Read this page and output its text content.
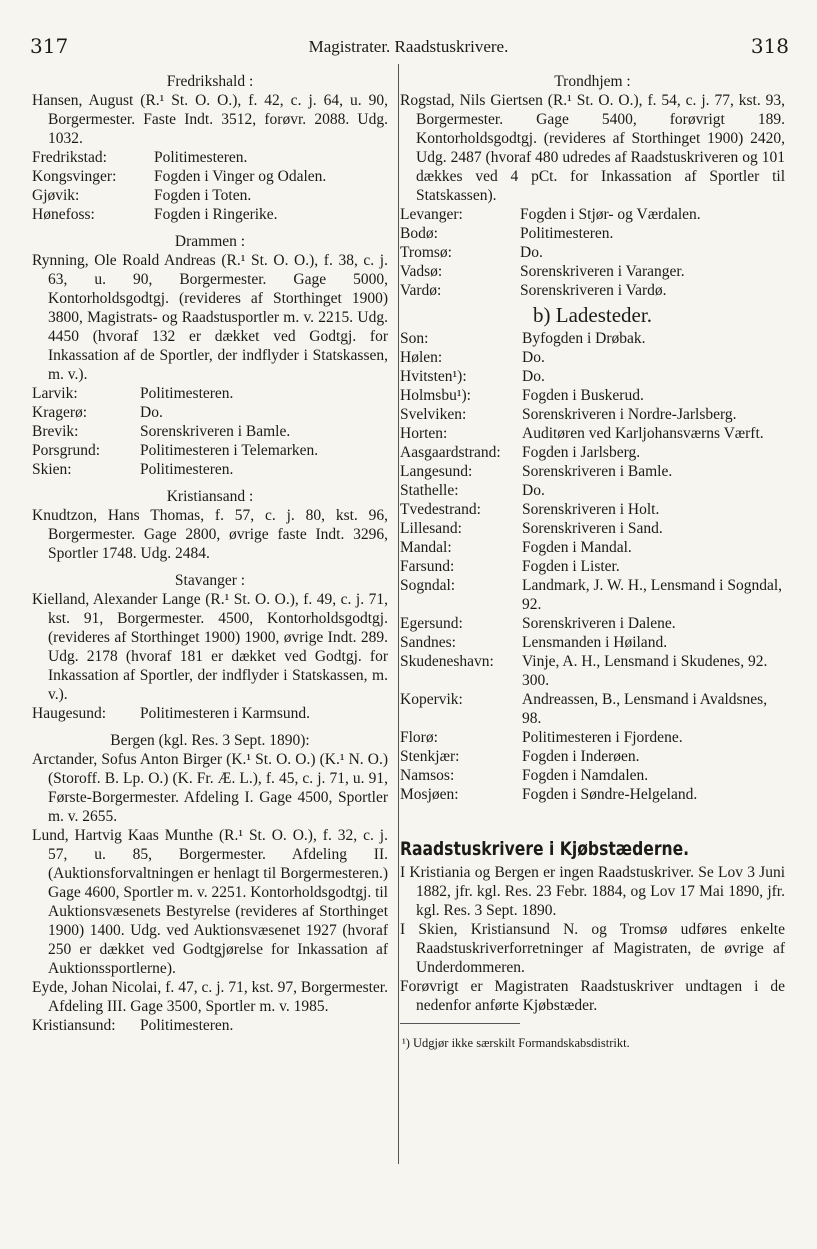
317	Magistrater. Raadstuskrivere.	318
Fredrikshald :

Hansen, August (R.¹ St. O. O.), f. 42, c. j. 64, u. 90, Borgermester. Faste Indt. 3512, forøvr. 2088. Udg. 1032.

Fredrikstad:	Politimesteren.
Kongsvinger:	Fogden i Vinger og Odalen.
Gjøvik:	Fogden i Toten.
Hønefoss:	Fogden i Ringerike.
Drammen :

Rynning, Ole Roald Andreas (R.¹ St. O. O.), f. 38, c. j. 63, u. 90, Borgermester. Gage 5000, Kontorholdsgodtgj. (revideres af Storthinget 1900) 3800, Magistrats- og Raadstusportler m. v. 2215. Udg. 4450 (hvoraf 132 er dækket ved Godtgj. for Inkassation af de Sportler, der indflyder i Statskassen, m. v.).

Larvik:	Politimesteren.
Kragerø:	Do.
Brevik:	Sorenskriveren i Bamle.
Porsgrund:	Politimesteren i Telemarken.
Skien:	Politimesteren.
Kristiansand :

Knudtzon, Hans Thomas, f. 57, c. j. 80, kst. 96, Borgermester. Gage 2800, øvrige faste Indt. 3296, Sportler 1748. Udg. 2484.

Stavanger :

Kielland, Alexander Lange (R.¹ St. O. O.), f. 49, c. j. 71, kst. 91, Borgermester. 4500, Kontorholdsgodtgj. (revideres af Storthinget 1900) 1900, øvrige Indt. 289. Udg. 2178 (hvoraf 181 er dækket ved Godtgj. for Inkassation af Sportler, der indflyder i Statskassen, m. v.).

Haugesund:	Politimesteren i Karmsund.
Bergen (kgl. Res. 3 Sept. 1890):

Arctander, Sofus Anton Birger (K.¹ St. O. O.) (K.¹ N. O.) (Storoff. B. Lp. O.) (K. Fr. Æ. L.), f. 45, c. j. 71, u. 91, Første-Borgermester. Afdeling I. Gage 4500, Sportler m. v. 2655.

Lund, Hartvig Kaas Munthe (R.¹ St. O. O.), f. 32, c. j. 57, u. 85, Borgermester. Afdeling II. (Auktionsforvaltningen er henlagt til Borgermesteren.) Gage 4600, Sportler m. v. 2251. Kontorholdsgodtgj. til Auktionsvæsenets Bestyrelse (revideres af Storthinget 1900) 1400. Udg. ved Auktionsvæsenet 1927 (hvoraf 250 er dækket ved Godtgjørelse for Inkassation af Auktionssportlerne).

Eyde, Johan Nicolai, f. 47, c. j. 71, kst. 97, Borgermester. Afdeling III. Gage 3500, Sportler m. v. 1985.

Kristiansund:	Politimesteren.
Trondhjem :

Rogstad, Nils Giertsen (R.¹ St. O. O.), f. 54, c. j. 77, kst. 93, Borgermester. Gage 5400, forøvrigt 189. Kontorholdsgodtgj. (revideres af Storthinget 1900) 2420, Udg. 2487 (hvoraf 480 udredes af Raadstuskriveren og 101 dækkes ved 4 pCt. for Inkassation af Sportler til Statskassen).

Levanger:	Fogden i Stjør- og Værdalen.
Bodø:	Politimesteren.
Tromsø:	Do.
Vadsø:	Sorenskriveren i Varanger.
Vardø:	Sorenskriveren i Vardø.
b) Ladesteder.
Son:	Byfogden i Drøbak.
Hølen:	Do.
Hvitsten¹):	Do.
Holmsbu¹):	Fogden i Buskerud.
Svelviken:	Sorenskriveren i Nordre-Jarlsberg.
Horten:	Auditøren ved Karljohansværns Værft.
Aasgaardstrand:	Fogden i Jarlsberg.
Langesund:	Sorenskriveren i Bamle.
Stathelle:	Do.
Tvedestrand:	Sorenskriveren i Holt.
Lillesand:	Sorenskriveren i Sand.
Mandal:	Fogden i Mandal.
Farsund:	Fogden i Lister.
Sogndal:	Landmark, J. W. H., Lensmand i Sogndal, 92.
Egersund:	Sorenskriveren i Dalene.
Sandnes:	Lensmanden i Høiland.
Skudeneshavn:	Vinje, A. H., Lensmand i Skudenes, 92. 300.
Kopervik:	Andreassen, B., Lensmand i Avaldsnes, 98.
Florø:	Politimesteren i Fjordene.
Stenkjær:	Fogden i Inderøen.
Namsos:	Fogden i Namdalen.
Mosjøen:	Fogden i Søndre-Helgeland.
Raadstuskrivere i Kjøbstæderne.

I Kristiania og Bergen er ingen Raadstuskriver. Se Lov 3 Juni 1882, jfr. kgl. Res. 23 Febr. 1884, og Lov 17 Mai 1890, jfr. kgl. Res. 3 Sept. 1890.

I Skien, Kristiansund N. og Tromsø udføres enkelte Raadstuskriverforretninger af Magistraten, de øvrige af Underdommeren.

Forøvrigt er Magistraten Raadstuskriver undtagen i de nedenfor anførte Kjøbstæder.

¹) Udgjør ikke særskilt Formandskabsdistrikt.
